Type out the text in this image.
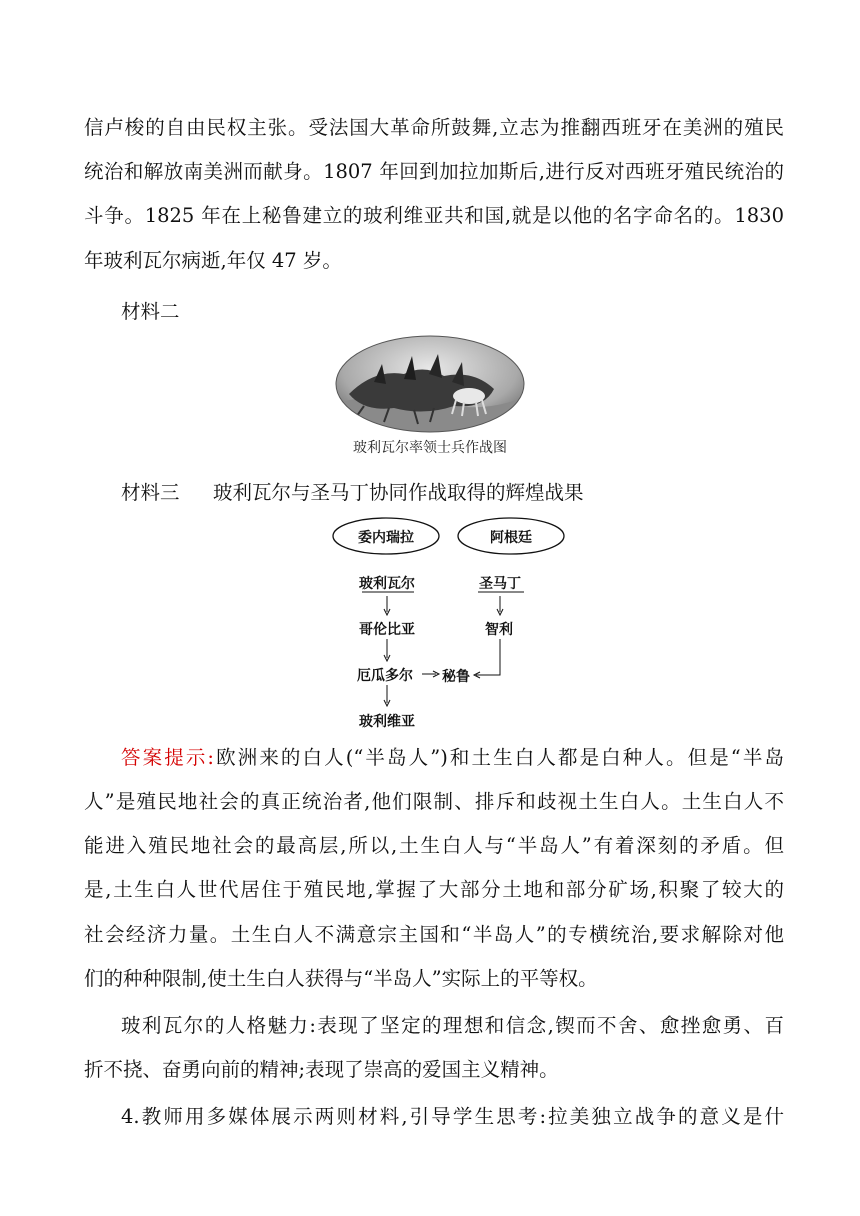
信卢梭的自由民权主张。受法国大革命所鼓舞,立志为推翻西班牙在美洲的殖民
统治和解放南美洲而献身。1807 年回到加拉加斯后,进行反对西班牙殖民统治的
斗争。1825 年在上秘鲁建立的玻利维亚共和国,就是以他的名字命名的。1830
年玻利瓦尔病逝,年仅 47 岁。
材料二
玻利瓦尔率领士兵作战图
材料三 玻利瓦尔与圣马丁协同作战取得的辉煌战果
委内瑞拉	阿根廷
玻利瓦尔	圣马丁
哥伦比亚	智利
厄瓜多尔 秘鲁
玻利维亚
答案提示:欧洲来的白人(“半岛人”)和土生白人都是白种人。但是“半岛
人”是殖民地社会的真正统治者,他们限制、排斥和歧视土生白人。土生白人不
能进入殖民地社会的最高层,所以,土生白人与“半岛人”有着深刻的矛盾。但
是,土生白人世代居住于殖民地,掌握了大部分土地和部分矿场,积聚了较大的
社会经济力量。土生白人不满意宗主国和“半岛人”的专横统治,要求解除对他
们的种种限制,使土生白人获得与“半岛人”实际上的平等权。
玻利瓦尔的人格魅力:表现了坚定的理想和信念,锲而不舍、愈挫愈勇、百
折不挠、奋勇向前的精神;表现了崇高的爱国主义精神。
4.教师用多媒体展示两则材料,引导学生思考:拉美独立战争的意义是什
